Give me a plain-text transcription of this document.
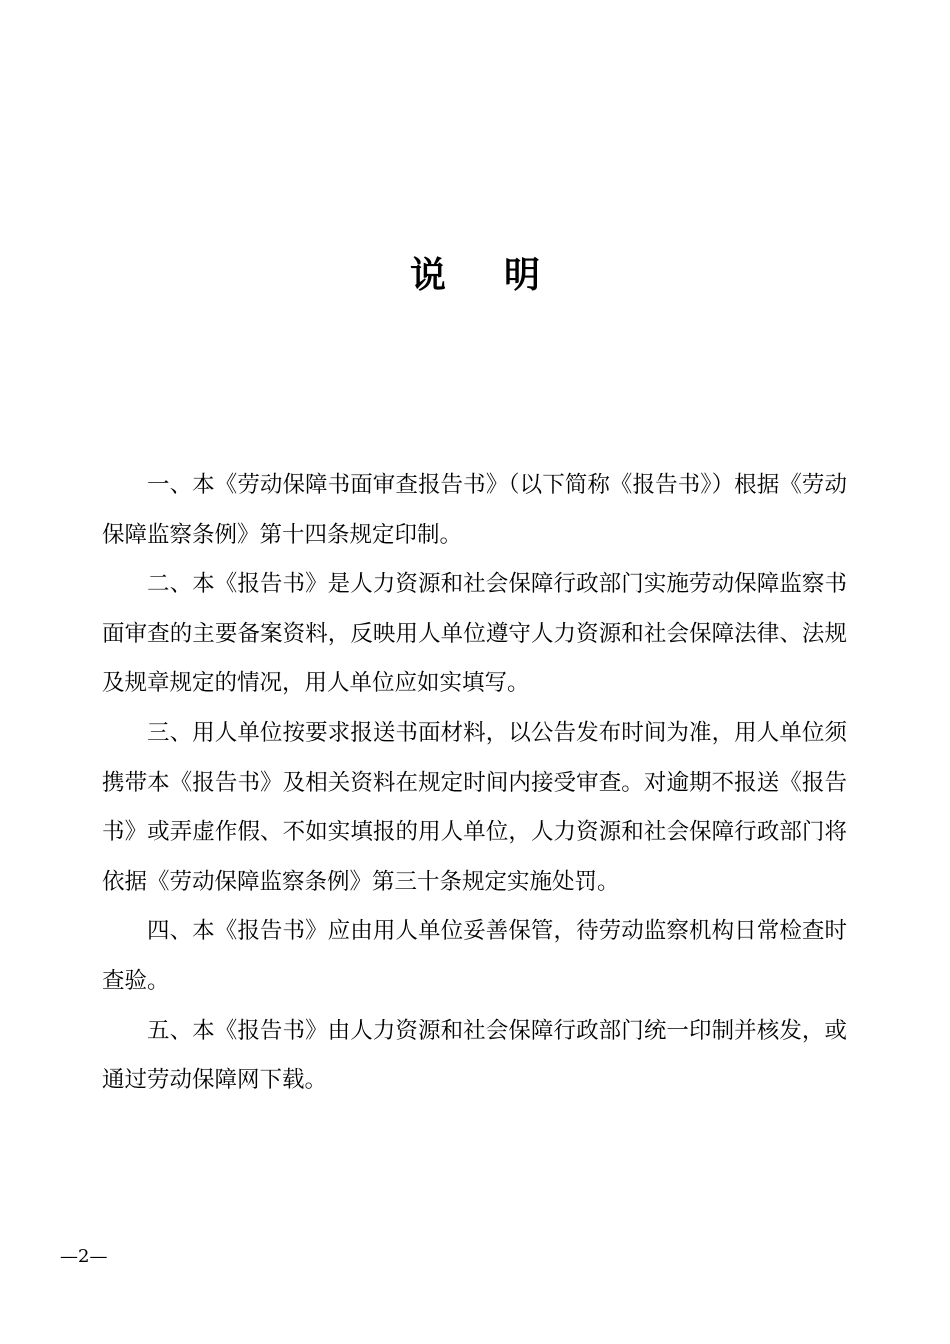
说明

一、本《劳动保障书面审查报告书》（以下简称《报告书》）根据《劳动保障监察条例》第十四条规定印制。

二、本《报告书》是人力资源和社会保障行政部门实施劳动保障监察书面审查的主要备案资料，反映用人单位遵守人力资源和社会保障法律、法规及规章规定的情况，用人单位应如实填写。

三、用人单位按要求报送书面材料，以公告发布时间为准，用人单位须携带本《报告书》及相关资料在规定时间内接受审查。对逾期不报送《报告书》或弄虚作假、不如实填报的用人单位，人力资源和社会保障行政部门将依据《劳动保障监察条例》第三十条规定实施处罚。

四、本《报告书》应由用人单位妥善保管，待劳动监察机构日常检查时查验。

五、本《报告书》由人力资源和社会保障行政部门统一印制并核发，或通过劳动保障网下载。

—2—
